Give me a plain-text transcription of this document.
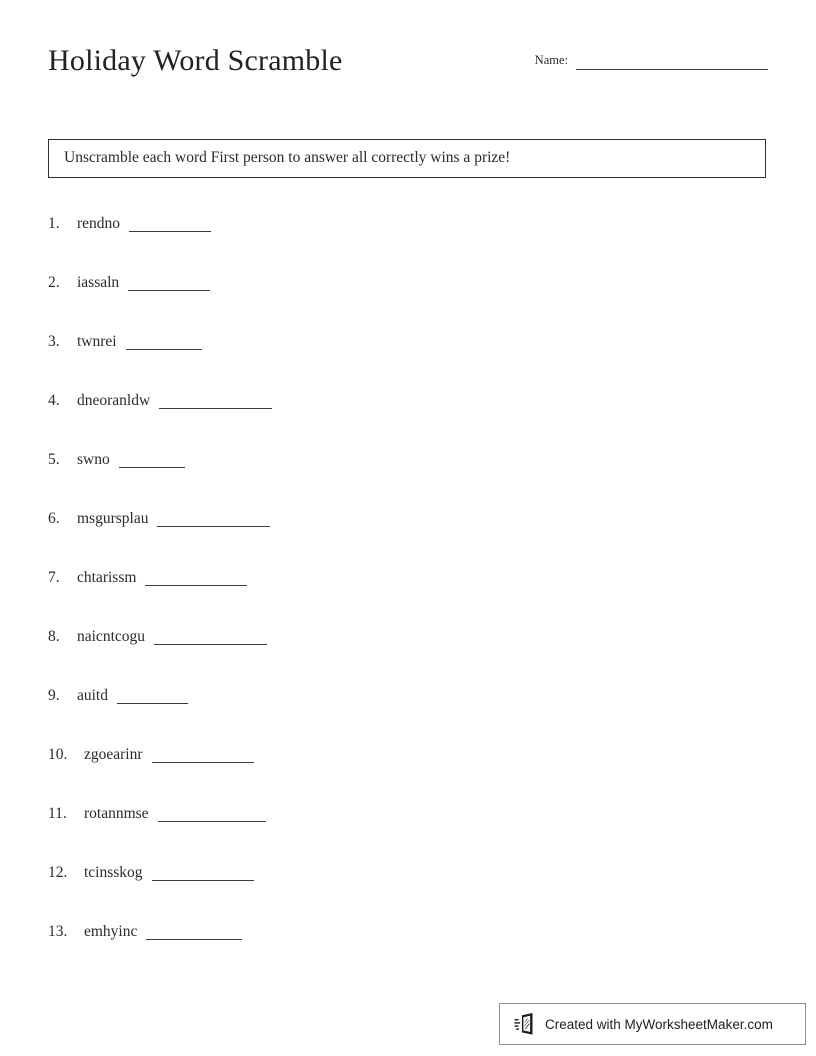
Holiday Word Scramble	Name:
Unscramble each word First person to answer all correctly wins a prize!
1.	rendno
2.	iassaln
3.	twnrei
4.	dneoranldw
5.	swno
6.	msgursplau
7.	chtarissm
8.	naicntcogu
9.	auitd
10.	zgoearinr
11.	rotannmse
12.	tcinsskog
13.	emhyinc
Created with MyWorksheetMaker.com
